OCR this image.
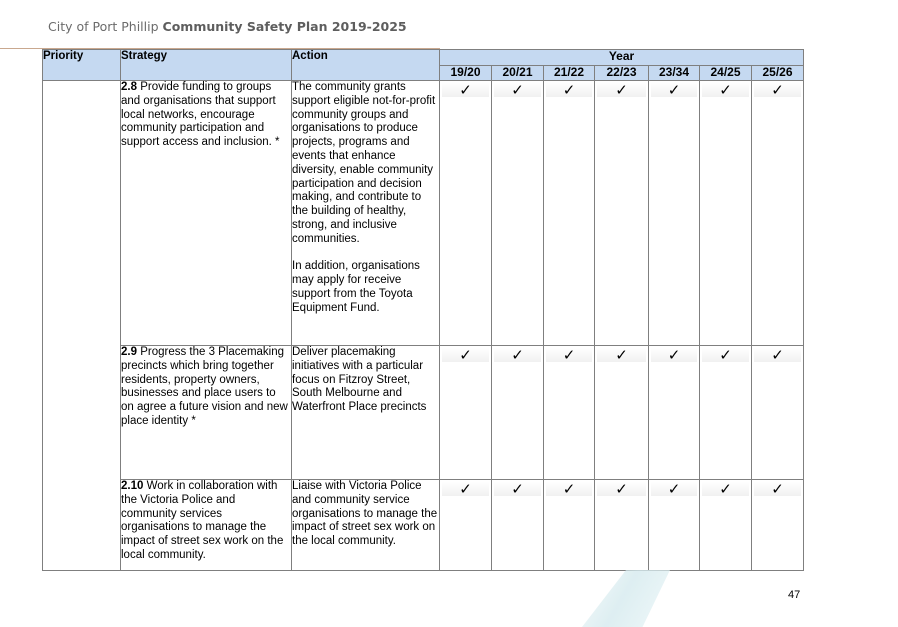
City of Port Phillip Community Safety Plan 2019-2025
Priority	Strategy	Action	Year						
			19/20	20/21	21/22	22/23	23/34	24/25	25/26
	2.8 Provide funding to groups and organisations that support local networks, encourage community participation and support access and inclusion. *	The community grants support eligible not-for-profit community groups and organisations to produce projects, programs and events that enhance diversity, enable community participation and decision making, and contribute to the building of healthy, strong, and inclusive communities.
In addition, organisations may apply for receive support from the Toyota Equipment Fund.	✓	✓	✓	✓	✓	✓	✓

	2.9 Progress the 3 Placemaking precincts which bring together residents, property owners, businesses and place users to on agree a future vision and new place identity *	Deliver placemaking initiatives with a particular focus on Fitzroy Street, South Melbourne and Waterfront Place precincts	✓	✓	✓	✓	✓	✓	✓

	2.10 Work in collaboration with the Victoria Police and community services organisations to manage the impact of street sex work on the local community.	Liaise with Victoria Police and community service organisations to manage the impact of street sex work on the local community.	✓	✓	✓	✓	✓	✓	✓
47
